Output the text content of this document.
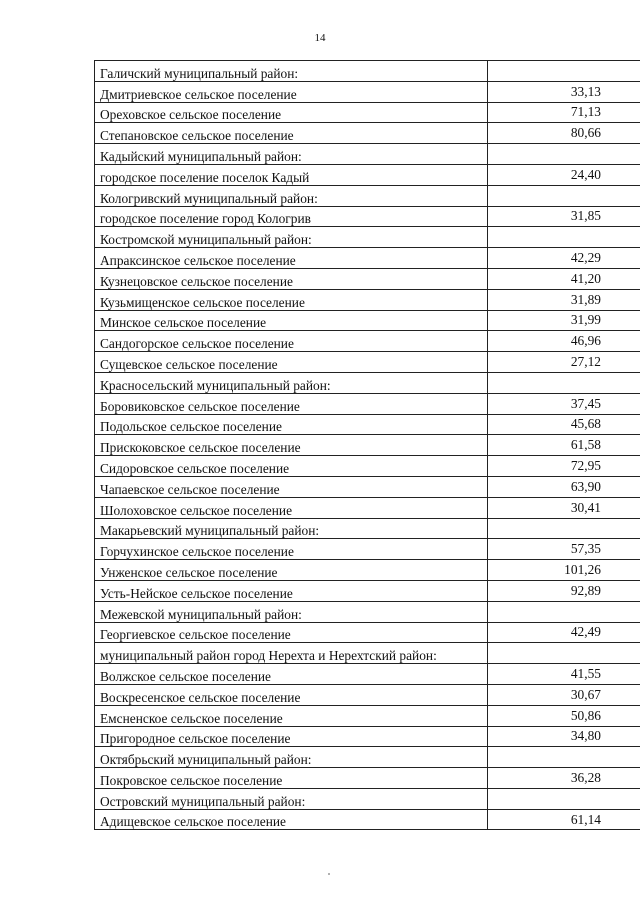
14
Галичский муниципальный район:	
Дмитриевское сельское поселение	33,13
Ореховское сельское поселение	71,13
Степановское сельское поселение	80,66
Кадыйский муниципальный район:	
городское поселение поселок Кадый	24,40
Кологривский муниципальный район:	
городское поселение город Кологрив	31,85
Костромской муниципальный район:	
Апраксинское сельское поселение	42,29
Кузнецовское сельское поселение	41,20
Кузьмищенское сельское поселение	31,89
Минское сельское поселение	31,99
Сандогорское сельское поселение	46,96
Сущевское сельское поселение	27,12
Красносельский муниципальный район:	
Боровиковское сельское поселение	37,45
Подольское сельское поселение	45,68
Прискоковское сельское поселение	61,58
Сидоровское сельское поселение	72,95
Чапаевское сельское поселение	63,90
Шолоховское сельское поселение	30,41
Макарьевский муниципальный район:	
Горчухинское сельское поселение	57,35
Унженское сельское поселение	101,26
Усть-Нейское сельское поселение	92,89
Межевской муниципальный район:	
Георгиевское сельское поселение	42,49
муниципальный район город Нерехта и Нерехтский район:	
Волжское сельское поселение	41,55
Воскресенское сельское поселение	30,67
Емсненское сельское поселение	50,86
Пригородное сельское поселение	34,80
Октябрьский муниципальный район:	
Покровское сельское поселение	36,28
Островский муниципальный район:	
Адищевское сельское поселение	61,14
